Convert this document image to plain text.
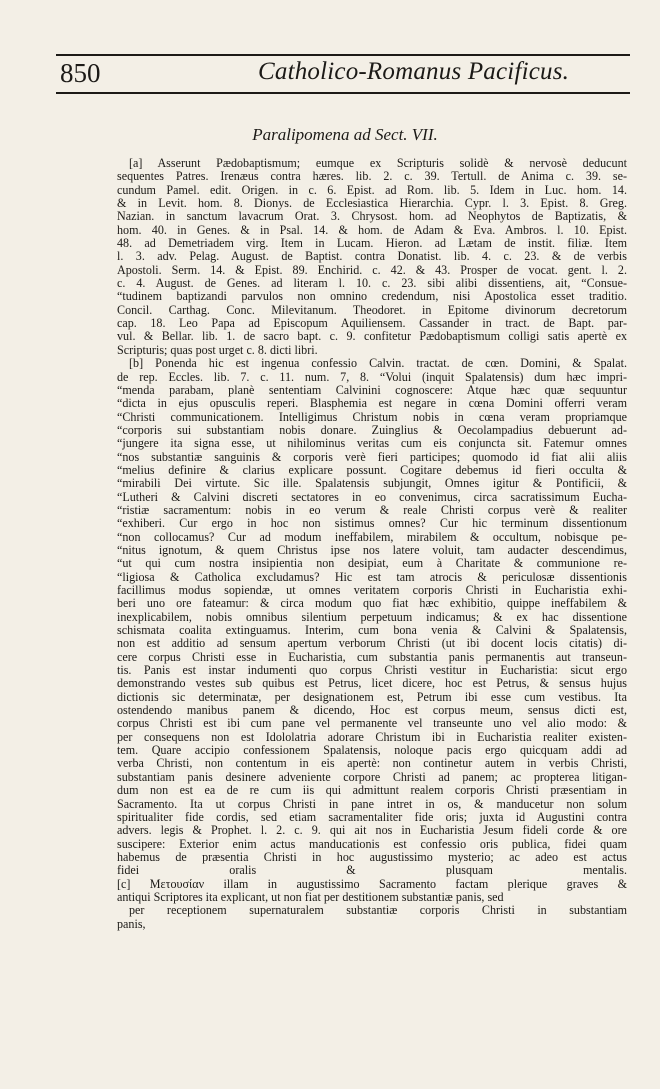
850	Catholico-Romanus Pacificus.
Paralipomena ad Sect. VII.
[a] Asserunt Pædobaptismum; eumque ex Scripturis solidè & nervosè deducunt
sequentes Patres. Irenæus contra hæres. lib. 2. c. 39. Tertull. de Anima c. 39. se-
cundum Pamel. edit. Origen. in c. 6. Epist. ad Rom. lib. 5. Idem in Luc. hom. 14.
& in Levit. hom. 8. Dionys. de Ecclesiastica Hierarchia. Cypr. l. 3. Epist. 8. Greg.
Nazian. in sanctum lavacrum Orat. 3. Chrysost. hom. ad Neophytos de Baptizatis, &
hom. 40. in Genes. & in Psal. 14. & hom. de Adam & Eva. Ambros. l. 10. Epist.
48. ad Demetriadem virg. Item in Lucam. Hieron. ad Lætam de instit. filiæ. Item
l. 3. adv. Pelag. August. de Baptist. contra Donatist. lib. 4. c. 23. & de verbis
Apostoli. Serm. 14. & Epist. 89. Enchirid. c. 42. & 43. Prosper de vocat. gent. l. 2.
c. 4. August. de Genes. ad literam l. 10. c. 23. sibi alibi dissentiens, ait, “Consue-
“tudinem baptizandi parvulos non omnino credendum, nisi Apostolica esset traditio.
Concil. Carthag. Conc. Milevitanum. Theodoret. in Epitome divinorum decretorum
cap. 18. Leo Papa ad Episcopum Aquiliensem. Cassander in tract. de Bapt. par-
vul. & Bellar. lib. 1. de sacro bapt. c. 9. confitetur Pædobaptismum colligi satis apertè ex
Scripturis; quas post urget c. 8. dicti libri.
[b] Ponenda hic est ingenua confessio Calvin. tractat. de cœn. Domini, & Spalat.
de rep. Eccles. lib. 7. c. 11. num. 7, 8. “Volui (inquit Spalatensis) dum hæc impri-
“menda parabam, planè sententiam Calvinini cognoscere: Atque hæc quæ sequuntur
“dicta in ejus opusculis reperi. Blasphemia est negare in cœna Domini offerri veram
“Christi communicationem. Intelligimus Christum nobis in cœna veram propriamque
“corporis sui substantiam nobis donare. Zuinglius & Oecolampadius debuerunt ad-
“jungere ita signa esse, ut nihilominus veritas cum eis conjuncta sit. Fatemur omnes
“nos substantiæ sanguinis & corporis verè fieri participes; quomodo id fiat alii aliis
“melius definire & clarius explicare possunt. Cogitare debemus id fieri occulta &
“mirabili Dei virtute. Sic ille. Spalatensis subjungit, Omnes igitur & Pontificii, &
“Lutheri & Calvini discreti sectatores in eo convenimus, circa sacratissimum Eucha-
“ristiæ sacramentum: nobis in eo verum & reale Christi corpus verè & realiter
“exhiberi. Cur ergo in hoc non sistimus omnes? Cur hic terminum dissentionum
“non collocamus? Cur ad modum ineffabilem, mirabilem & occultum, nobisque pe-
“nitus ignotum, & quem Christus ipse nos latere voluit, tam audacter descendimus,
“ut qui cum nostra insipientia non desipiat, eum à Charitate & communione re-
“ligiosa & Catholica excludamus? Hic est tam atrocis & periculosæ dissentionis
facillimus modus sopiendæ, ut omnes veritatem corporis Christi in Eucharistia exhi-
beri uno ore fateamur: & circa modum quo fiat hæc exhibitio, quippe ineffabilem &
inexplicabilem, nobis omnibus silentium perpetuum indicamus; & ex hac dissentione
schismata coalita extinguamus. Interim, cum bona venia & Calvini & Spalatensis,
non est additio ad sensum apertum verborum Christi (ut ibi docent locis citatis) di-
cere corpus Christi esse in Eucharistia, cum substantia panis permanentis aut transeun-
tis. Panis est instar indumenti quo corpus Christi vestitur in Eucharistia: sicut ergo
demonstrando vestes sub quibus est Petrus, licet dicere, hoc est Petrus, & sensus hujus
dictionis sic determinatæ, per designationem est, Petrum ibi esse cum vestibus. Ita
ostendendo manibus panem & dicendo, Hoc est corpus meum, sensus dicti est,
corpus Christi est ibi cum pane vel permanente vel transeunte uno vel alio modo: &
per consequens non est Idololatria adorare Christum ibi in Eucharistia realiter existen-
tem. Quare accipio confessionem Spalatensis, noloque pacis ergo quicquam addi ad
verba Christi, non contentum in eis apertè: non continetur autem in verbis Christi,
substantiam panis desinere adveniente corpore Christi ad panem; ac propterea litigan-
dum non est ea de re cum iis qui admittunt realem corporis Christi præsentiam in
Sacramento. Ita ut corpus Christi in pane intret in os, & manducetur non solum
spiritualiter fide cordis, sed etiam sacramentaliter fide oris; juxta id Augustini contra
advers. legis & Prophet. l. 2. c. 9. qui ait nos in Eucharistia Jesum fideli corde & ore
suscipere: Exterior enim actus manducationis est confessio oris publica, fidei quam
habemus de præsentia Christi in hoc augustissimo mysterio; ac adeo est actus
fidei oralis & plusquam mentalis.
[c] Μετουσίαν illam in augustissimo Sacramento factam plerique graves &
antiqui Scriptores ita explicant, ut non fiat per destitionem substantiæ panis, sed
per receptionem supernaturalem substantiæ corporis Christi in substantiam
panis,
